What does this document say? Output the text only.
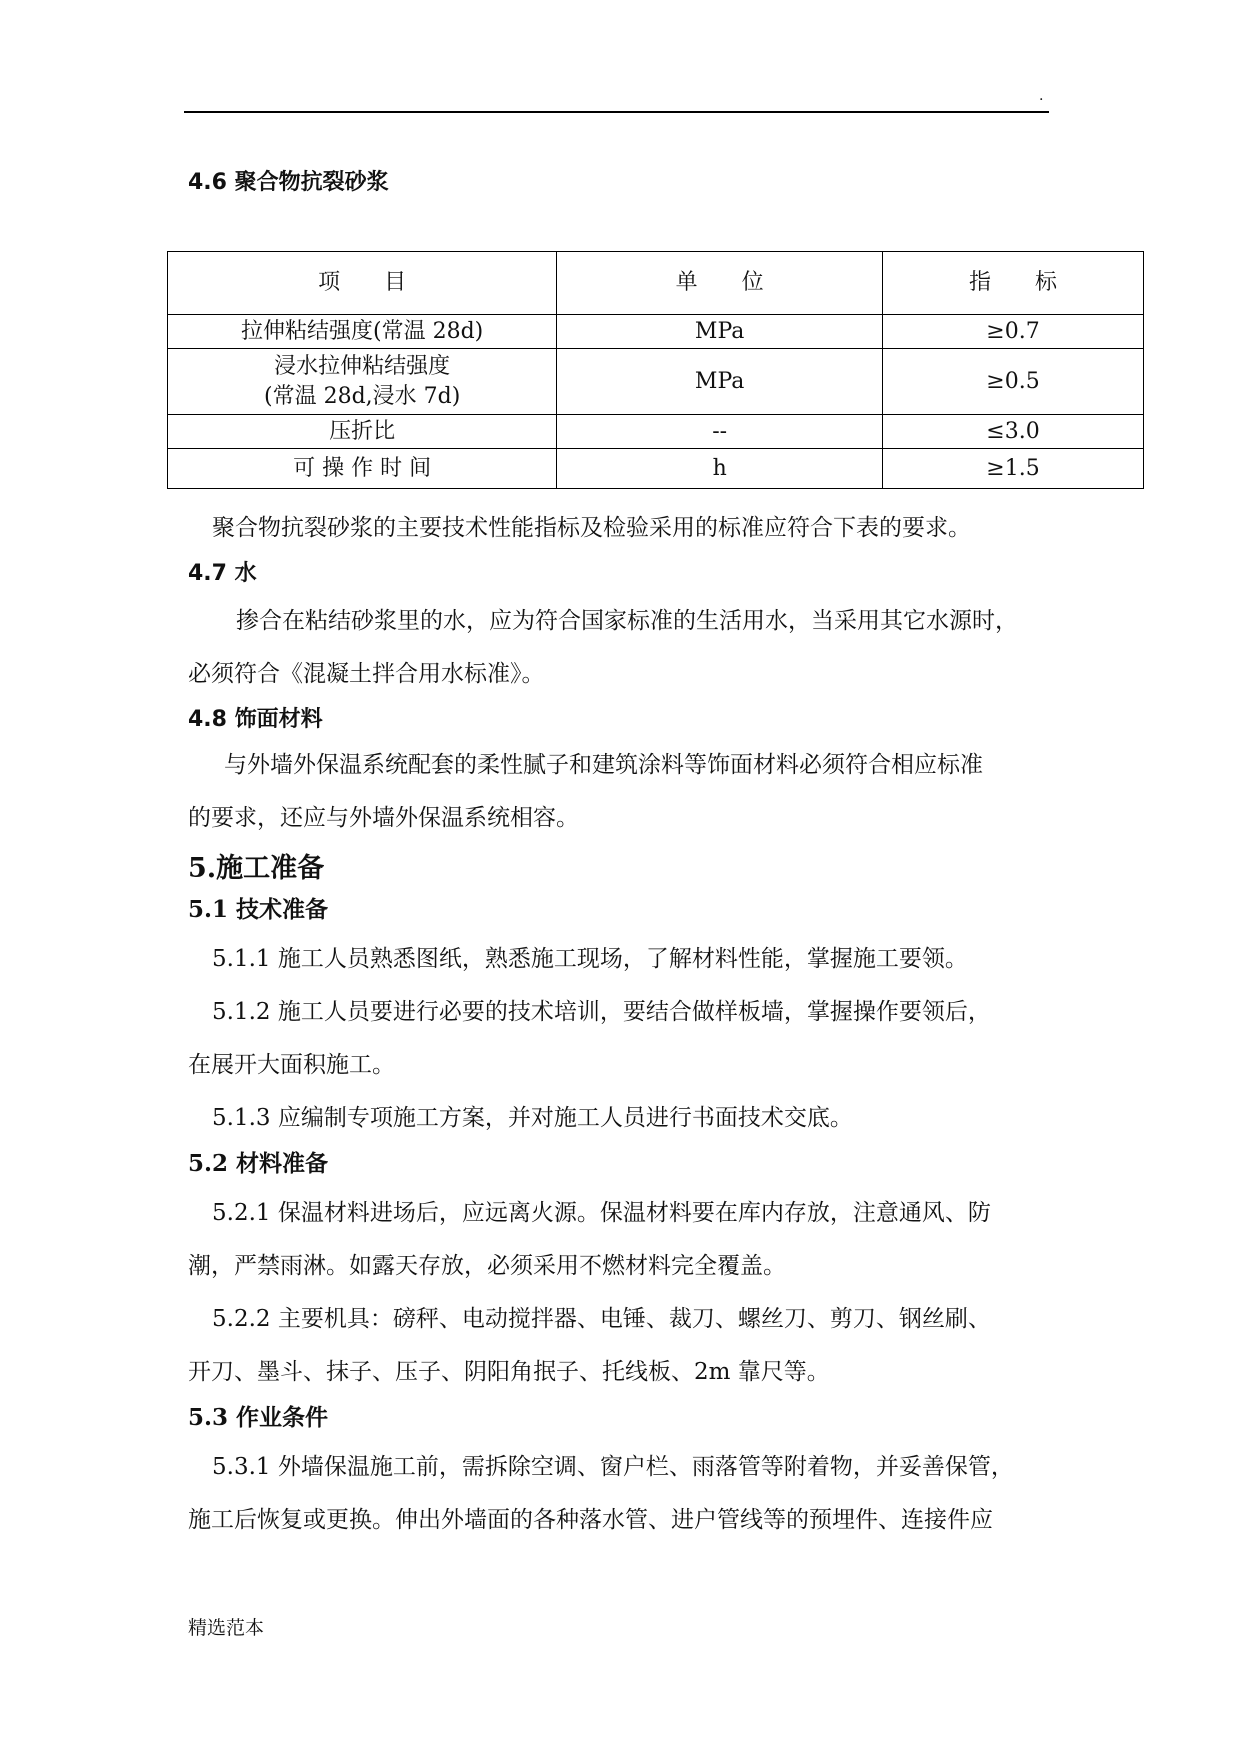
.
4.6 聚合物抗裂砂浆
项　　目	单　　位	指　　标
拉伸粘结强度(常温 28d)	MPa	≥0.7

浸水拉伸粘结强度
(常温 28d,浸水 7d)	MPa	≥0.5
压折比	--	≤3.0
可 操 作 时 间	h	≥1.5

聚合物抗裂砂浆的主要技术性能指标及检验采用的标准应符合下表的要求。

4.7 水

掺合在粘结砂浆里的水，应为符合国家标准的生活用水，当采用其它水源时，

必须符合《混凝土拌合用水标准》。

4.8 饰面材料

与外墙外保温系统配套的柔性腻子和建筑涂料等饰面材料必须符合相应标准

的要求，还应与外墙外保温系统相容。

5.施工准备
5.1 技术准备

5.1.1 施工人员熟悉图纸，熟悉施工现场，了解材料性能，掌握施工要领。

5.1.2 施工人员要进行必要的技术培训，要结合做样板墙，掌握操作要领后，

在展开大面积施工。

5.1.3 应编制专项施工方案，并对施工人员进行书面技术交底。

5.2 材料准备

5.2.1 保温材料进场后，应远离火源。保温材料要在库内存放，注意通风、防

潮，严禁雨淋。如露天存放，必须采用不燃材料完全覆盖。

5.2.2 主要机具：磅秤、电动搅拌器、电锤、裁刀、螺丝刀、剪刀、钢丝刷、

开刀、墨斗、抹子、压子、阴阳角抿子、托线板、2m 靠尺等。

5.3 作业条件

5.3.1 外墙保温施工前，需拆除空调、窗户栏、雨落管等附着物，并妥善保管，

施工后恢复或更换。伸出外墙面的各种落水管、进户管线等的预埋件、连接件应

精选范本
